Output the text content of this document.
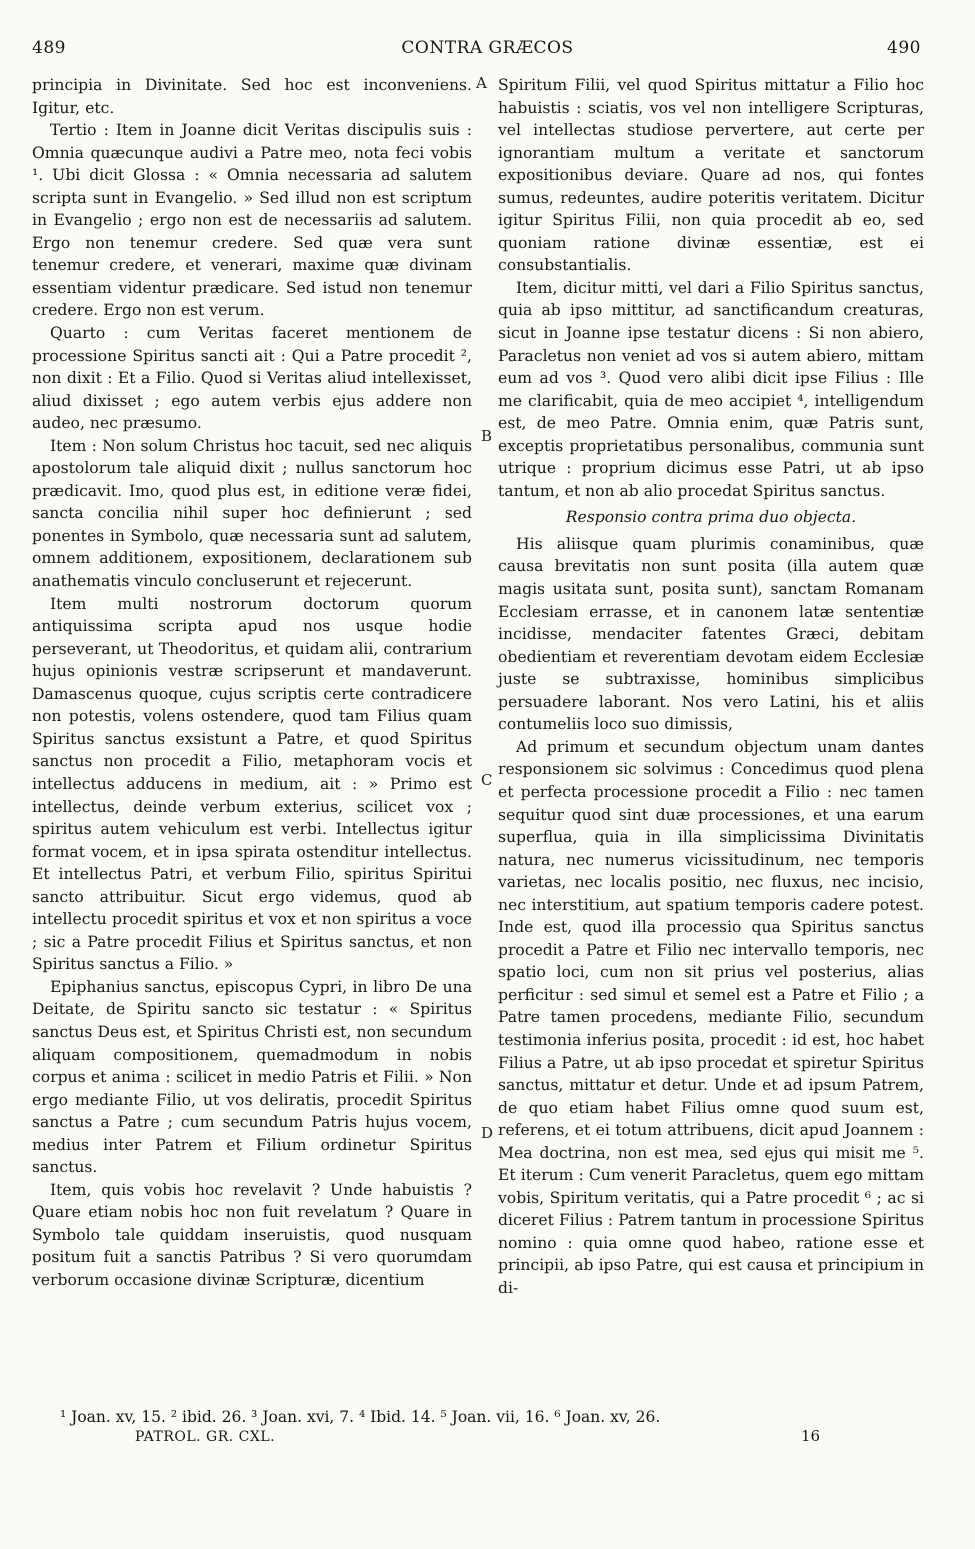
489	CONTRA GRÆCOS	490
A
B
C
D

principia in Divinitate. Sed hoc est inconveniens. Igitur, etc.

Tertio : Item in Joanne dicit Veritas discipulis suis : Omnia quæcunque audivi a Patre meo, nota feci vobis ¹. Ubi dicit Glossa : « Omnia necessaria ad salutem scripta sunt in Evangelio. » Sed illud non est scriptum in Evangelio ; ergo non est de necessariis ad salutem. Ergo non tenemur credere. Sed quæ vera sunt tenemur credere, et venerari, maxime quæ divinam essentiam videntur prædicare. Sed istud non tenemur credere. Ergo non est verum.

Quarto : cum Veritas faceret mentionem de processione Spiritus sancti ait : Qui a Patre procedit ², non dixit : Et a Filio. Quod si Veritas aliud intellexisset, aliud dixisset ; ego autem verbis ejus addere non audeo, nec præsumo.

Item : Non solum Christus hoc tacuit, sed nec aliquis apostolorum tale aliquid dixit ; nullus sanctorum hoc prædicavit. Imo, quod plus est, in editione veræ fidei, sancta concilia nihil super hoc definierunt ; sed ponentes in Symbolo, quæ necessaria sunt ad salutem, omnem additionem, expositionem, declarationem sub anathematis vinculo concluserunt et rejecerunt.

Item multi nostrorum doctorum quorum antiquissima scripta apud nos usque hodie perseverant, ut Theodoritus, et quidam alii, contrarium hujus opinionis vestræ scripserunt et mandaverunt. Damascenus quoque, cujus scriptis certe contradicere non potestis, volens ostendere, quod tam Filius quam Spiritus sanctus exsistunt a Patre, et quod Spiritus sanctus non procedit a Filio, metaphoram vocis et intellectus adducens in medium, ait : » Primo est intellectus, deinde verbum exterius, scilicet vox ; spiritus autem vehiculum est verbi. Intellectus igitur format vocem, et in ipsa spirata ostenditur intellectus. Et intellectus Patri, et verbum Filio, spiritus Spiritui sancto attribuitur. Sicut ergo videmus, quod ab intellectu procedit spiritus et vox et non spiritus a voce ; sic a Patre procedit Filius et Spiritus sanctus, et non Spiritus sanctus a Filio. »

Epiphanius sanctus, episcopus Cypri, in libro De una Deitate, de Spiritu sancto sic testatur : « Spiritus sanctus Deus est, et Spiritus Christi est, non secundum aliquam compositionem, quemadmodum in nobis corpus et anima : scilicet in medio Patris et Filii. » Non ergo mediante Filio, ut vos deliratis, procedit Spiritus sanctus a Patre ; cum secundum Patris hujus vocem, medius inter Patrem et Filium ordinetur Spiritus sanctus.

Item, quis vobis hoc revelavit ? Unde habuistis ? Quare etiam nobis hoc non fuit revelatum ? Quare in Symbolo tale quiddam inseruistis, quod nusquam positum fuit a sanctis Patribus ? Si vero quorumdam verborum occasione divinæ Scripturæ, dicentium

Spiritum Filii, vel quod Spiritus mittatur a Filio hoc habuistis : sciatis, vos vel non intelligere Scripturas, vel intellectas studiose pervertere, aut certe per ignorantiam multum a veritate et sanctorum expositionibus deviare. Quare ad nos, qui fontes sumus, redeuntes, audire poteritis veritatem. Dicitur igitur Spiritus Filii, non quia procedit ab eo, sed quoniam ratione divinæ essentiæ, est ei consubstantialis.

Item, dicitur mitti, vel dari a Filio Spiritus sanctus, quia ab ipso mittitur, ad sanctificandum creaturas, sicut in Joanne ipse testatur dicens : Si non abiero, Paracletus non veniet ad vos si autem abiero, mittam eum ad vos ³. Quod vero alibi dicit ipse Filius : Ille me clarificabit, quia de meo accipiet ⁴, intelligendum est, de meo Patre. Omnia enim, quæ Patris sunt, exceptis proprietatibus personalibus, communia sunt utrique : proprium dicimus esse Patri, ut ab ipso tantum, et non ab alio procedat Spiritus sanctus.

Responsio contra prima duo objecta.

His aliisque quam plurimis conaminibus, quæ causa brevitatis non sunt posita (illa autem quæ magis usitata sunt, posita sunt), sanctam Romanam Ecclesiam errasse, et in canonem latæ sententiæ incidisse, mendaciter fatentes Græci, debitam obedientiam et reverentiam devotam eidem Ecclesiæ juste se subtraxisse, hominibus simplicibus persuadere laborant. Nos vero Latini, his et aliis contumeliis loco suo dimissis,

Ad primum et secundum objectum unam dantes responsionem sic solvimus : Concedimus quod plena et perfecta processione procedit a Filio : nec tamen sequitur quod sint duæ processiones, et una earum superflua, quia in illa simplicissima Divinitatis natura, nec numerus vicissitudinum, nec temporis varietas, nec localis positio, nec fluxus, nec incisio, nec interstitium, aut spatium temporis cadere potest. Inde est, quod illa processio qua Spiritus sanctus procedit a Patre et Filio nec intervallo temporis, nec spatio loci, cum non sit prius vel posterius, alias perficitur : sed simul et semel est a Patre et Filio ; a Patre tamen procedens, mediante Filio, secundum testimonia inferius posita, procedit : id est, hoc habet Filius a Patre, ut ab ipso procedat et spiretur Spiritus sanctus, mittatur et detur. Unde et ad ipsum Patrem, de quo etiam habet Filius omne quod suum est, referens, et ei totum attribuens, dicit apud Joannem : Mea doctrina, non est mea, sed ejus qui misit me ⁵. Et iterum : Cum venerit Paracletus, quem ego mittam vobis, Spiritum veritatis, qui a Patre procedit ⁶ ; ac si diceret Filius : Patrem tantum in processione Spiritus nomino : quia omne quod habeo, ratione esse et principii, ab ipso Patre, qui est causa et principium in di-

¹ Joan. xv, 15. ² ibid. 26. ³ Joan. xvi, 7. ⁴ Ibid. 14. ⁵ Joan. vii, 16. ⁶ Joan. xv, 26.
PATROL. GR. CXL.	16
